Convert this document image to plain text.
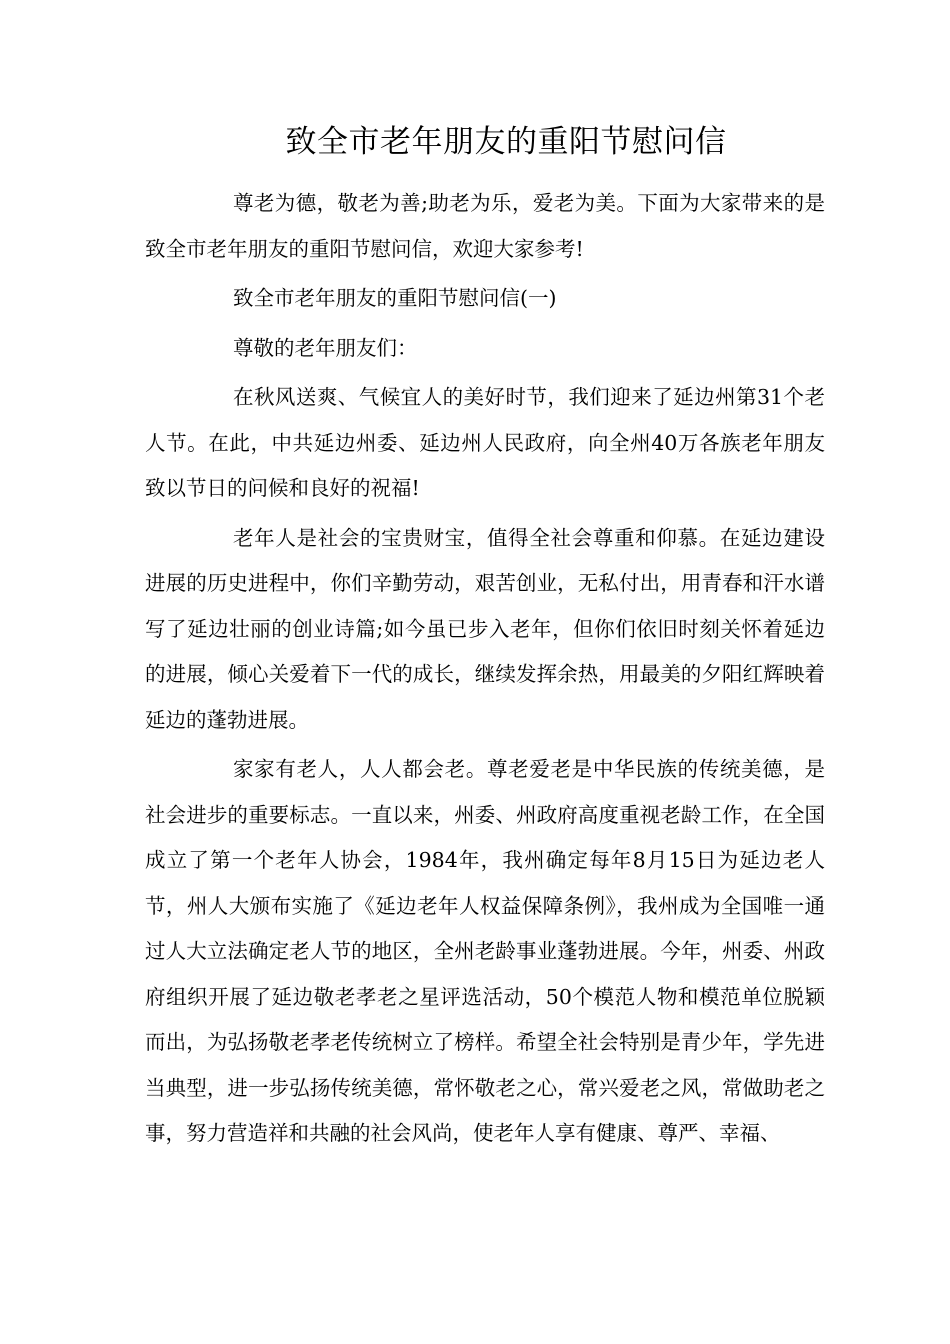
致全市老年朋友的重阳节慰问信

尊老为德，敬老为善;助老为乐，爱老为美。下面为大家带来的是致全市老年朋友的重阳节慰问信，欢迎大家参考!

致全市老年朋友的重阳节慰问信(一)

尊敬的老年朋友们：

在秋风送爽、气候宜人的美好时节，我们迎来了延边州第31个老人节。在此，中共延边州委、延边州人民政府，向全州40万各族老年朋友致以节日的问候和良好的祝福!

老年人是社会的宝贵财宝，值得全社会尊重和仰慕。在延边建设进展的历史进程中，你们辛勤劳动，艰苦创业，无私付出，用青春和汗水谱写了延边壮丽的创业诗篇;如今虽已步入老年，但你们依旧时刻关怀着延边的进展，倾心关爱着下一代的成长，继续发挥余热，用最美的夕阳红辉映着延边的蓬勃进展。

家家有老人，人人都会老。尊老爱老是中华民族的传统美德，是社会进步的重要标志。一直以来，州委、州政府高度重视老龄工作，在全国成立了第一个老年人协会，1984年，我州确定每年8月15日为延边老人节，州人大颁布实施了《延边老年人权益保障条例》，我州成为全国唯一通过人大立法确定老人节的地区，全州老龄事业蓬勃进展。今年，州委、州政府组织开展了延边敬老孝老之星评选活动，50个模范人物和模范单位脱颖而出，为弘扬敬老孝老传统树立了榜样。希望全社会特别是青少年，学先进当典型，进一步弘扬传统美德，常怀敬老之心，常兴爱老之风，常做助老之事，努力营造祥和共融的社会风尚，使老年人享有健康、尊严、幸福、
